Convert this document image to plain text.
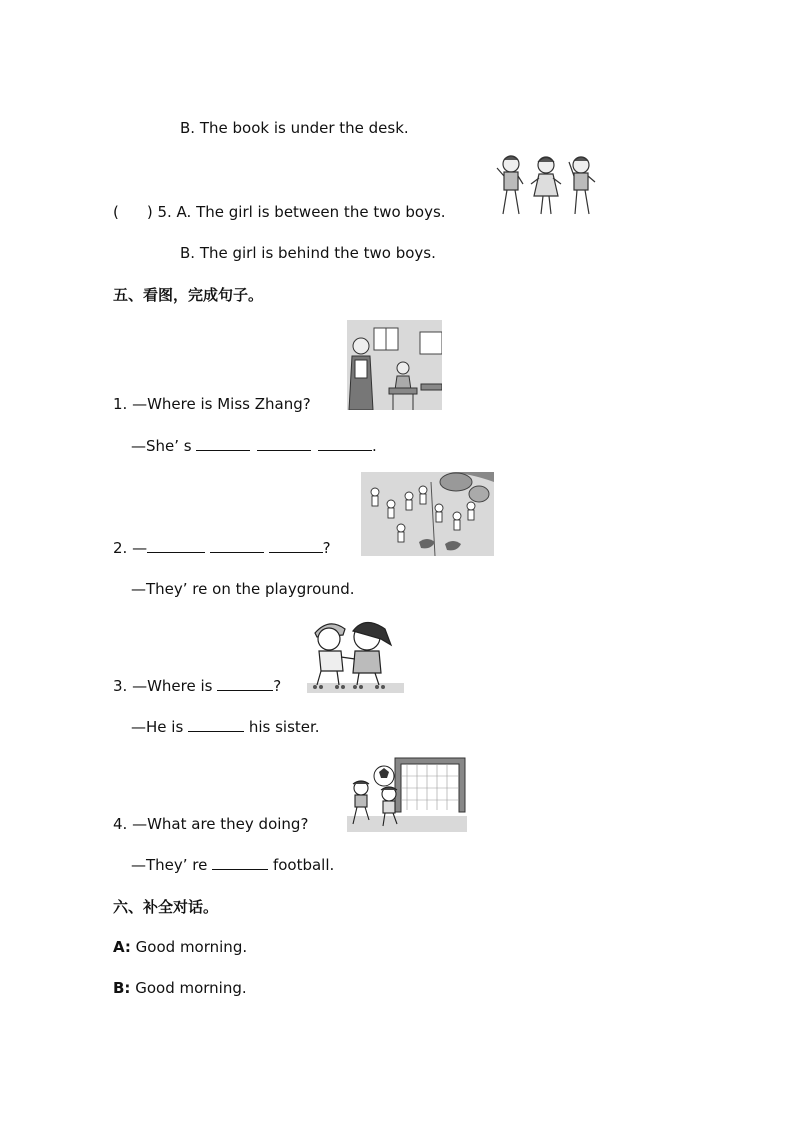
B. The book is under the desk.
( ) 5. A. The girl is between the two boys.
B. The girl is behind the two boys.
五、看图，完成句子。
1. —Where is Miss Zhang?
—She’ s	.
2. —	?
—They’ re on the playground.
3. —Where is	?
—He is	his sister.
4. —What are they doing?
—They’ re	football.
六、补全对话。
A: Good morning.
B: Good morning.
